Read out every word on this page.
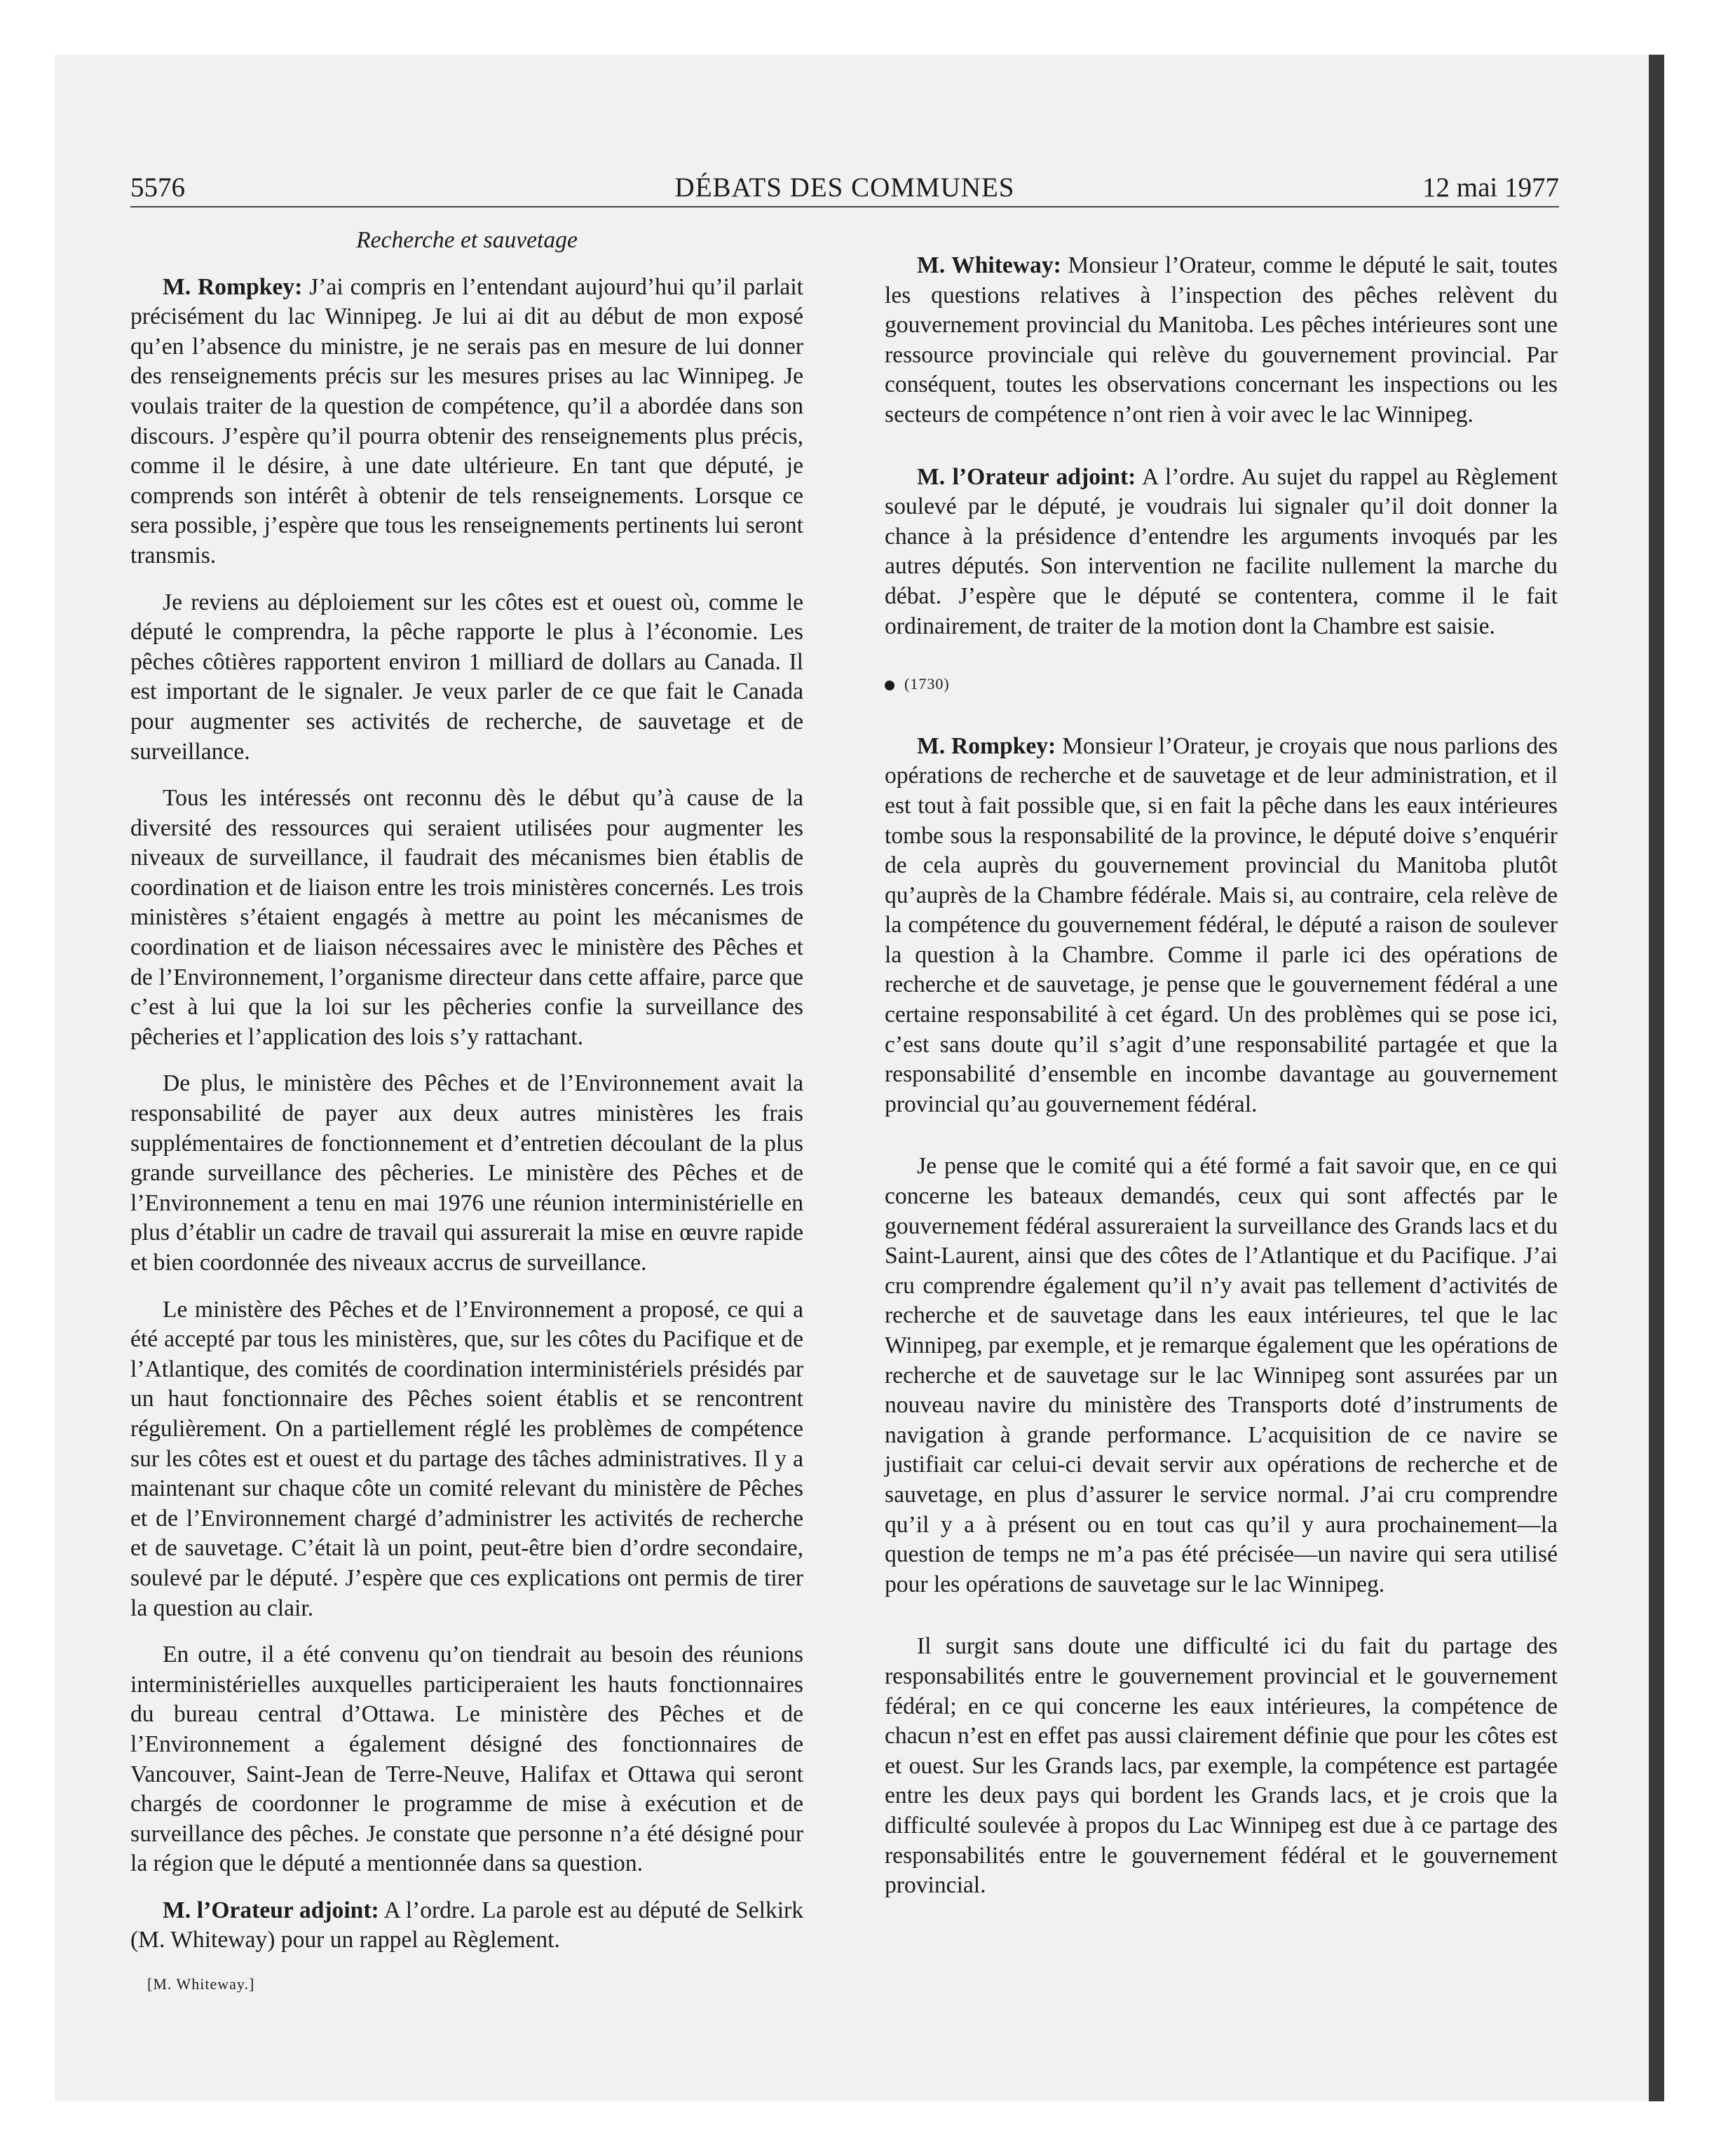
5576	DÉBATS DES COMMUNES	12 mai 1977

Recherche et sauvetage

M. Rompkey: J’ai compris en l’entendant aujourd’hui qu’il parlait précisément du lac Winnipeg. Je lui ai dit au début de mon exposé qu’en l’absence du ministre, je ne serais pas en mesure de lui donner des renseignements précis sur les mesures prises au lac Winnipeg. Je voulais traiter de la question de compétence, qu’il a abordée dans son discours. J’espère qu’il pourra obtenir des renseignements plus précis, comme il le désire, à une date ultérieure. En tant que député, je comprends son intérêt à obtenir de tels renseignements. Lorsque ce sera possible, j’espère que tous les renseignements pertinents lui seront transmis.

Je reviens au déploiement sur les côtes est et ouest où, comme le député le comprendra, la pêche rapporte le plus à l’économie. Les pêches côtières rapportent environ 1 milliard de dollars au Canada. Il est important de le signaler. Je veux parler de ce que fait le Canada pour augmenter ses activités de recherche, de sauvetage et de surveillance.

Tous les intéressés ont reconnu dès le début qu’à cause de la diversité des ressources qui seraient utilisées pour augmenter les niveaux de surveillance, il faudrait des mécanismes bien établis de coordination et de liaison entre les trois ministères concernés. Les trois ministères s’étaient engagés à mettre au point les mécanismes de coordination et de liaison nécessaires avec le ministère des Pêches et de l’Environnement, l’organisme directeur dans cette affaire, parce que c’est à lui que la loi sur les pêcheries confie la surveillance des pêcheries et l’application des lois s’y rattachant.

De plus, le ministère des Pêches et de l’Environnement avait la responsabilité de payer aux deux autres ministères les frais supplémentaires de fonctionnement et d’entretien découlant de la plus grande surveillance des pêcheries. Le ministère des Pêches et de l’Environnement a tenu en mai 1976 une réunion interministérielle en plus d’établir un cadre de travail qui assurerait la mise en œuvre rapide et bien coordonnée des niveaux accrus de surveillance.

Le ministère des Pêches et de l’Environnement a proposé, ce qui a été accepté par tous les ministères, que, sur les côtes du Pacifique et de l’Atlantique, des comités de coordination interministériels présidés par un haut fonctionnaire des Pêches soient établis et se rencontrent régulièrement. On a partiellement réglé les problèmes de compétence sur les côtes est et ouest et du partage des tâches administratives. Il y a maintenant sur chaque côte un comité relevant du ministère de Pêches et de l’Environnement chargé d’administrer les activités de recherche et de sauvetage. C’était là un point, peut-être bien d’ordre secondaire, soulevé par le député. J’espère que ces explications ont permis de tirer la question au clair.

En outre, il a été convenu qu’on tiendrait au besoin des réunions interministérielles auxquelles participeraient les hauts fonctionnaires du bureau central d’Ottawa. Le ministère des Pêches et de l’Environnement a également désigné des fonctionnaires de Vancouver, Saint-Jean de Terre-Neuve, Halifax et Ottawa qui seront chargés de coordonner le programme de mise à exécution et de surveillance des pêches. Je constate que personne n’a été désigné pour la région que le député a mentionnée dans sa question.

M. l’Orateur adjoint: A l’ordre. La parole est au député de Selkirk (M. Whiteway) pour un rappel au Règlement.

[M. Whiteway.]

M. Whiteway: Monsieur l’Orateur, comme le député le sait, toutes les questions relatives à l’inspection des pêches relèvent du gouvernement provincial du Manitoba. Les pêches intérieures sont une ressource provinciale qui relève du gouvernement provincial. Par conséquent, toutes les observations concernant les inspections ou les secteurs de compétence n’ont rien à voir avec le lac Winnipeg.

M. l’Orateur adjoint: A l’ordre. Au sujet du rappel au Règlement soulevé par le député, je voudrais lui signaler qu’il doit donner la chance à la présidence d’entendre les arguments invoqués par les autres députés. Son intervention ne facilite nullement la marche du débat. J’espère que le député se contentera, comme il le fait ordinairement, de traiter de la motion dont la Chambre est saisie.

(1730)

M. Rompkey: Monsieur l’Orateur, je croyais que nous parlions des opérations de recherche et de sauvetage et de leur administration, et il est tout à fait possible que, si en fait la pêche dans les eaux intérieures tombe sous la responsabilité de la province, le député doive s’enquérir de cela auprès du gouvernement provincial du Manitoba plutôt qu’auprès de la Chambre fédérale. Mais si, au contraire, cela relève de la compétence du gouvernement fédéral, le député a raison de soulever la question à la Chambre. Comme il parle ici des opérations de recherche et de sauvetage, je pense que le gouvernement fédéral a une certaine responsabilité à cet égard. Un des problèmes qui se pose ici, c’est sans doute qu’il s’agit d’une responsabilité partagée et que la responsabilité d’ensemble en incombe davantage au gouvernement provincial qu’au gouvernement fédéral.

Je pense que le comité qui a été formé a fait savoir que, en ce qui concerne les bateaux demandés, ceux qui sont affectés par le gouvernement fédéral assureraient la surveillance des Grands lacs et du Saint-Laurent, ainsi que des côtes de l’Atlantique et du Pacifique. J’ai cru comprendre également qu’il n’y avait pas tellement d’activités de recherche et de sauvetage dans les eaux intérieures, tel que le lac Winnipeg, par exemple, et je remarque également que les opérations de recherche et de sauvetage sur le lac Winnipeg sont assurées par un nouveau navire du ministère des Transports doté d’instruments de navigation à grande performance. L’acquisition de ce navire se justifiait car celui-ci devait servir aux opérations de recherche et de sauvetage, en plus d’assurer le service normal. J’ai cru comprendre qu’il y a à présent ou en tout cas qu’il y aura prochainement—la question de temps ne m’a pas été précisée—un navire qui sera utilisé pour les opérations de sauvetage sur le lac Winnipeg.

Il surgit sans doute une difficulté ici du fait du partage des responsabilités entre le gouvernement provincial et le gouvernement fédéral; en ce qui concerne les eaux intérieures, la compétence de chacun n’est en effet pas aussi clairement définie que pour les côtes est et ouest. Sur les Grands lacs, par exemple, la compétence est partagée entre les deux pays qui bordent les Grands lacs, et je crois que la difficulté soulevée à propos du Lac Winnipeg est due à ce partage des responsabilités entre le gouvernement fédéral et le gouvernement provincial.
